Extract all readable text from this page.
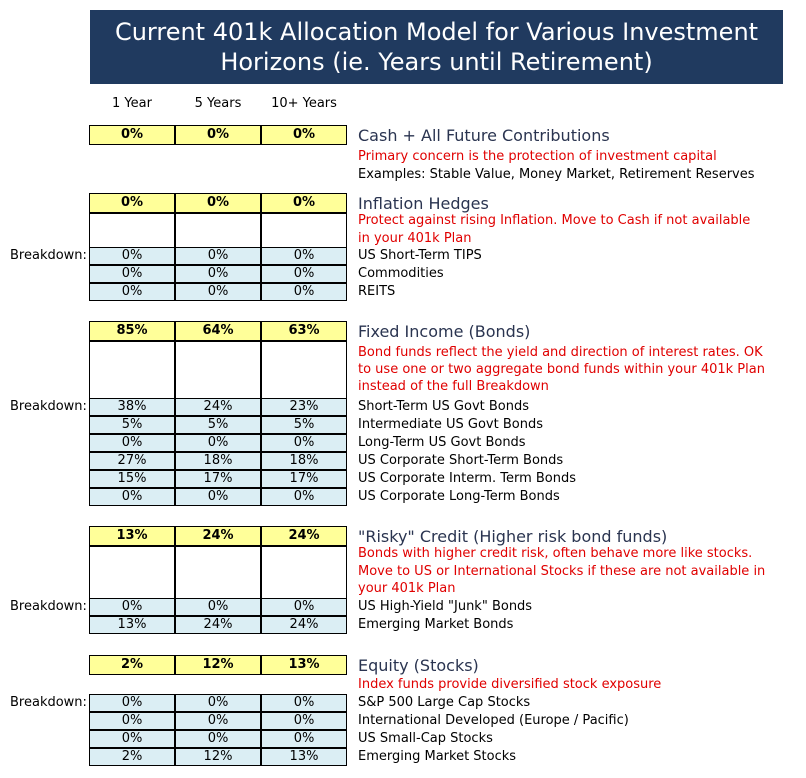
Current 401k Allocation Model for Various Investment
Horizons (ie. Years until Retirement)
1 Year	5 Years	10+ Years
0%	0%	0%	Cash + All Future Contributions
Primary concern is the protection of investment capital
Examples: Stable Value, Money Market, Retirement Reserves
0%	0%	0%	Inflation Hedges
Protect against rising Inflation. Move to Cash if not available
in your 401k Plan
Breakdown:	0%	0%	0%	US Short-Term TIPS
0%	0%	0%	Commodities
0%	0%	0%	REITS
85%	64%	63%	Fixed Income (Bonds)
Bond funds reflect the yield and direction of interest rates. OK
to use one or two aggregate bond funds within your 401k Plan
instead of the full Breakdown
Breakdown:	38%	24%	23%	Short-Term US Govt Bonds
5%	5%	5%	Intermediate US Govt Bonds
0%	0%	0%	Long-Term US Govt Bonds
27%	18%	18%	US Corporate Short-Term Bonds
15%	17%	17%	US Corporate Interm. Term Bonds
0%	0%	0%	US Corporate Long-Term Bonds
13%	24%	24%	"Risky" Credit (Higher risk bond funds)
Bonds with higher credit risk, often behave more like stocks.
Move to US or International Stocks if these are not available in
your 401k Plan
Breakdown:	0%	0%	0%	US High-Yield "Junk" Bonds
13%	24%	24%	Emerging Market Bonds
2%	12%	13%	Equity (Stocks)
Index funds provide diversified stock exposure
Breakdown:	0%	0%	0%	S&P 500 Large Cap Stocks
0%	0%	0%	International Developed (Europe / Pacific)
0%	0%	0%	US Small-Cap Stocks
2%	12%	13%	Emerging Market Stocks
